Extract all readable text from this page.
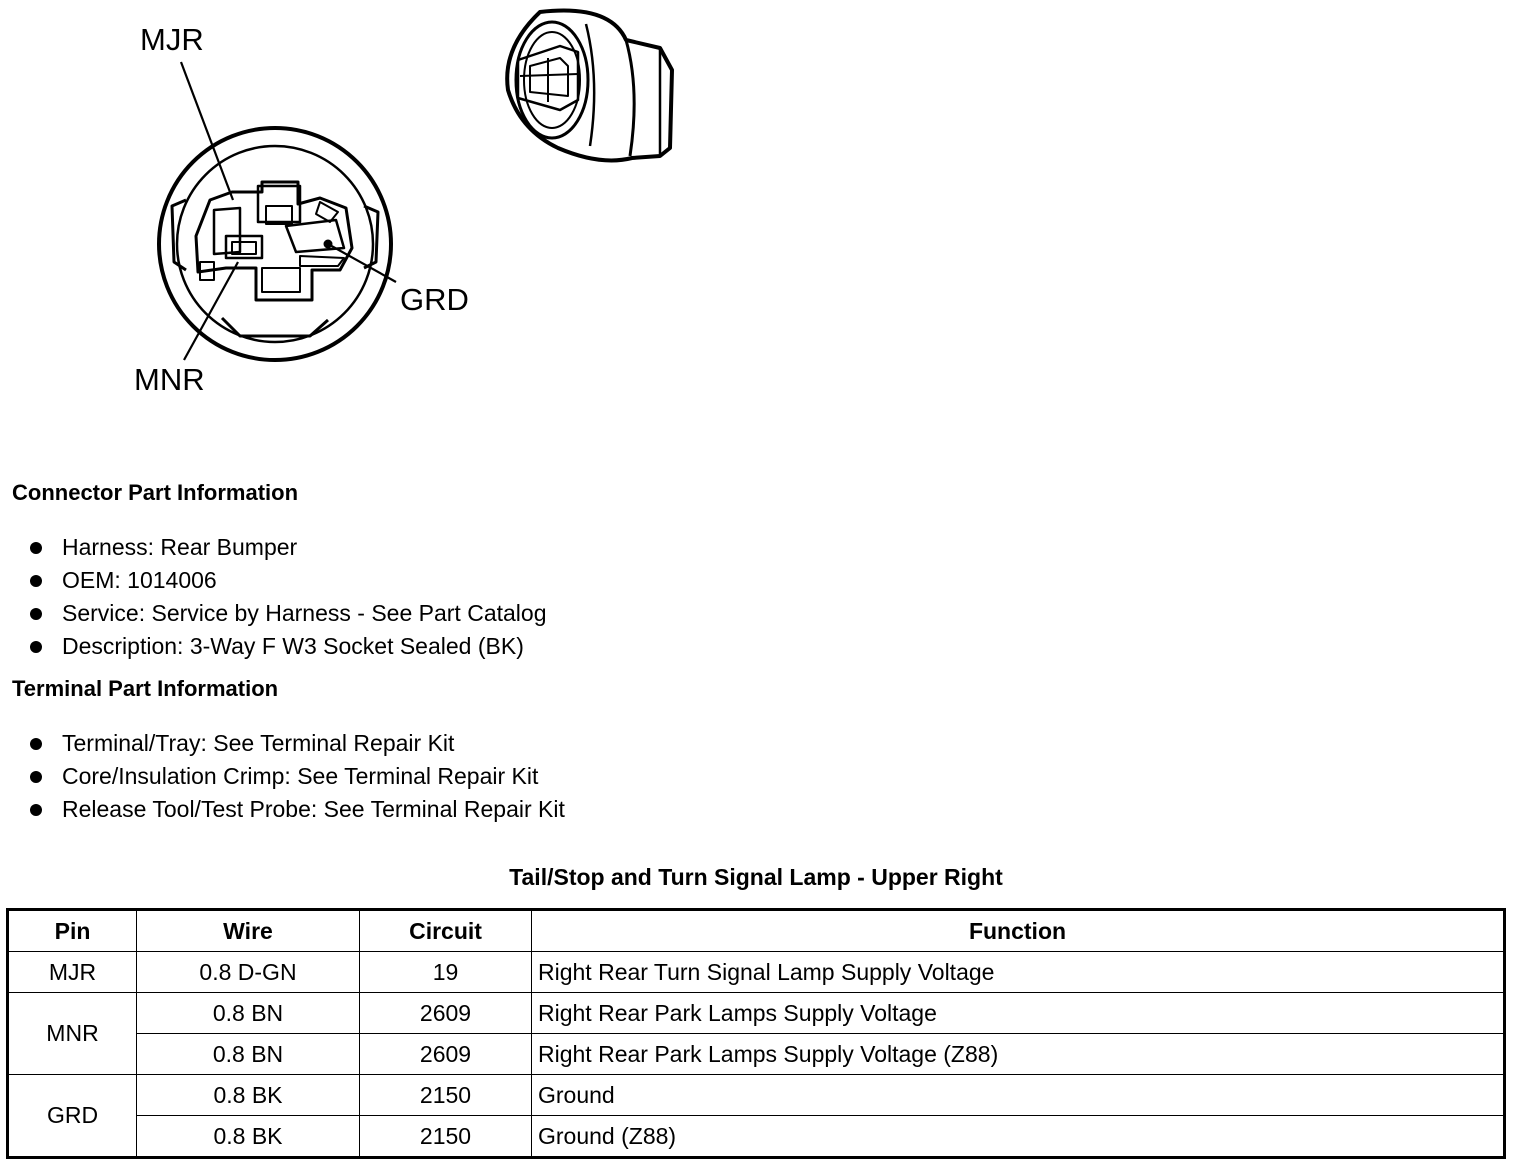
MJR
GRD
MNR
Connector Part Information
Harness: Rear Bumper
OEM: 1014006
Service: Service by Harness - See Part Catalog
Description: 3-Way F W3 Socket Sealed (BK)
Terminal Part Information
Terminal/Tray: See Terminal Repair Kit
Core/Insulation Crimp: See Terminal Repair Kit
Release Tool/Test Probe: See Terminal Repair Kit
Tail/Stop and Turn Signal Lamp - Upper Right
Pin	Wire	Circuit	Function
MJR	0.8 D-GN	19	Right Rear Turn Signal Lamp Supply Voltage
MNR	0.8 BN	2609	Right Rear Park Lamps Supply Voltage
	0.8 BN	2609	Right Rear Park Lamps Supply Voltage (Z88)
GRD	0.8 BK	2150	Ground
	0.8 BK	2150	Ground (Z88)
